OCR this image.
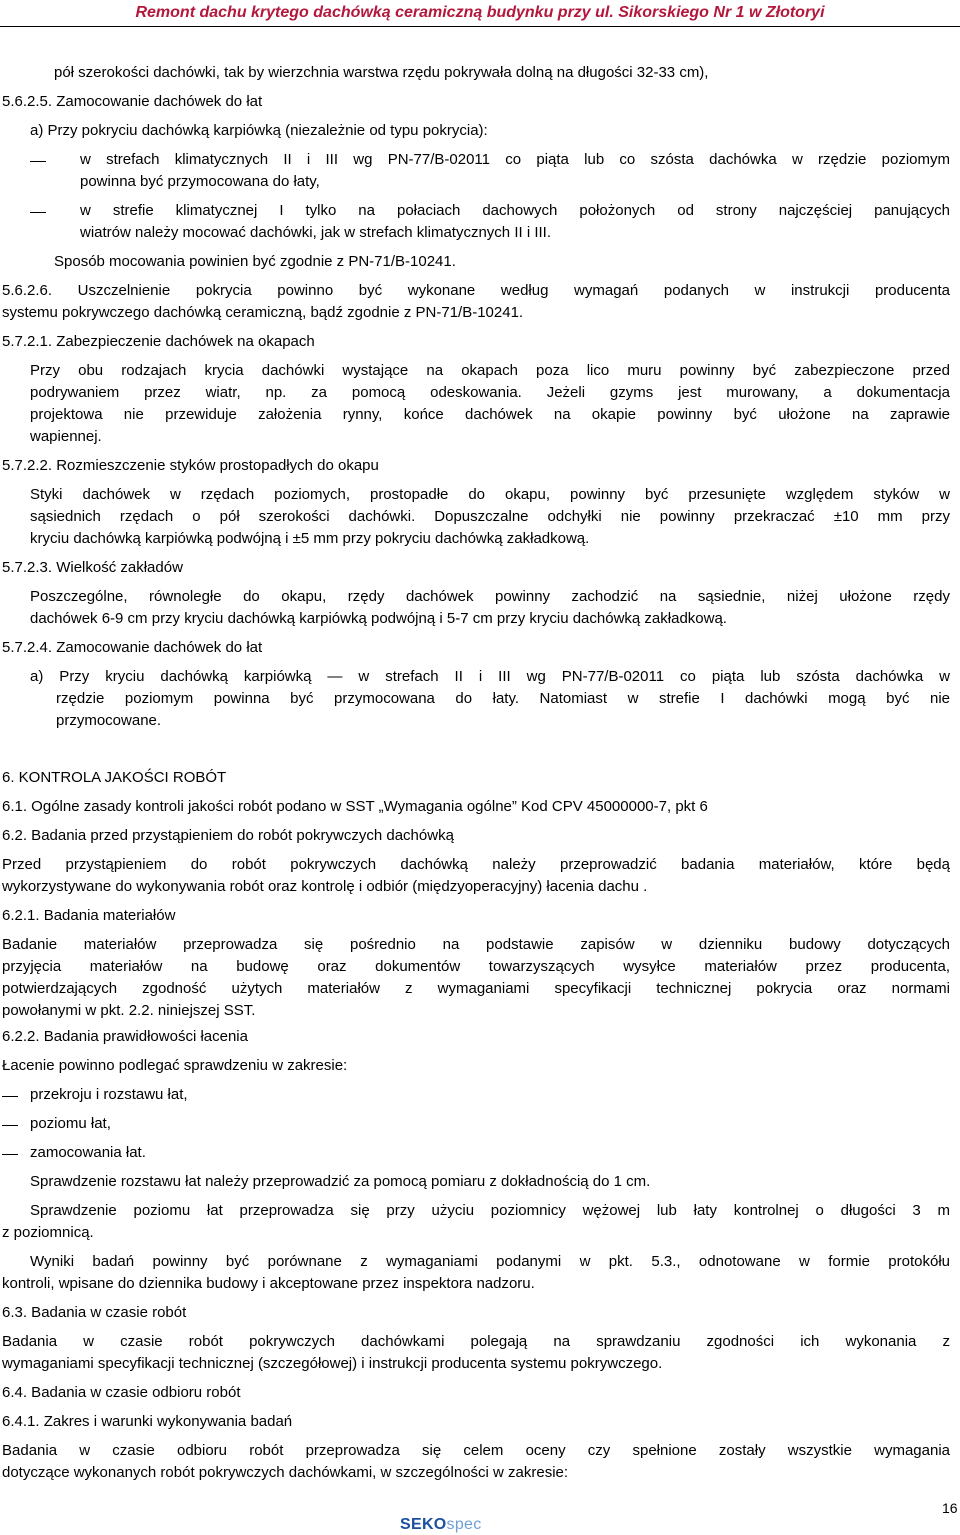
Remont dachu krytego dachówką ceramiczną budynku przy ul. Sikorskiego Nr 1 w Złotoryi
pół szerokości dachówki, tak by wierzchnia warstwa rzędu pokrywała dolną na długości 32-33 cm),
5.6.2.5. Zamocowanie dachówek do łat
a) Przy pokryciu dachówką karpiówką (niezależnie od typu pokrycia):
w strefach klimatycznych II i III wg PN-77/B-02011 co piąta lub co szósta dachówka w rzędzie poziomym
powinna być przymocowana do łaty,
w strefie klimatycznej I tylko na połaciach dachowych położonych od strony najczęściej panujących
wiatrów należy mocować dachówki, jak w strefach klimatycznych II i III.
Sposób mocowania powinien być zgodnie z PN-71/B-10241.
5.6.2.6. Uszczelnienie pokrycia powinno być wykonane według wymagań podanych w instrukcji producenta
systemu pokrywczego dachówką ceramiczną, bądź zgodnie z PN-71/B-10241.
5.7.2.1. Zabezpieczenie dachówek na okapach
Przy obu rodzajach krycia dachówki wystające na okapach poza lico muru powinny być zabezpieczone przed
podrywaniem przez wiatr, np. za pomocą odeskowania. Jeżeli gzyms jest murowany, a dokumentacja
projektowa nie przewiduje założenia rynny, końce dachówek na okapie powinny być ułożone na zaprawie
wapiennej.
5.7.2.2. Rozmieszczenie styków prostopadłych do okapu
Styki dachówek w rzędach poziomych, prostopadłe do okapu, powinny być przesunięte względem styków w
sąsiednich rzędach o pół szerokości dachówki. Dopuszczalne odchyłki nie powinny przekraczać ±10 mm przy
kryciu dachówką karpiówką podwójną i ±5 mm przy pokryciu dachówką zakładkową.
5.7.2.3. Wielkość zakładów
Poszczególne, równoległe do okapu, rzędy dachówek powinny zachodzić na sąsiednie, niżej ułożone rzędy
dachówek 6-9 cm przy kryciu dachówką karpiówką podwójną i 5-7 cm przy kryciu dachówką zakładkową.
5.7.2.4. Zamocowanie dachówek do łat
a) Przy kryciu dachówką karpiówką — w strefach II i III wg PN-77/B-02011 co piąta lub szósta dachówka w
rzędzie poziomym powinna być przymocowana do łaty. Natomiast w strefie I dachówki mogą być nie
przymocowane.
6. KONTROLA JAKOŚCI ROBÓT
6.1. Ogólne zasady kontroli jakości robót podano w SST „Wymagania ogólne” Kod CPV 45000000-7, pkt 6
6.2. Badania przed przystąpieniem do robót pokrywczych dachówką
Przed przystąpieniem do robót pokrywczych dachówką należy przeprowadzić badania materiałów, które będą
wykorzystywane do wykonywania robót oraz kontrolę i odbiór (międzyoperacyjny) łacenia dachu .
6.2.1. Badania materiałów
Badanie materiałów przeprowadza się pośrednio na podstawie zapisów w dzienniku budowy dotyczących
przyjęcia materiałów na budowę oraz dokumentów towarzyszących wysyłce materiałów przez producenta,
potwierdzających zgodność użytych materiałów z wymaganiami specyfikacji technicznej pokrycia oraz normami
powołanymi w pkt. 2.2. niniejszej SST.
6.2.2. Badania prawidłowości łacenia
Łacenie powinno podlegać sprawdzeniu w zakresie:
przekroju i rozstawu łat,
poziomu łat,
zamocowania łat.
Sprawdzenie rozstawu łat należy przeprowadzić za pomocą pomiaru z dokładnością do 1 cm.
Sprawdzenie poziomu łat przeprowadza się przy użyciu poziomnicy wężowej lub łaty kontrolnej o długości 3 m
z poziomnicą.
Wyniki badań powinny być porównane z wymaganiami podanymi w pkt. 5.3., odnotowane w formie protokółu
kontroli, wpisane do dziennika budowy i akceptowane przez inspektora nadzoru.
6.3. Badania w czasie robót
Badania w czasie robót pokrywczych dachówkami polegają na sprawdzaniu zgodności ich wykonania z
wymaganiami specyfikacji technicznej (szczegółowej) i instrukcji producenta systemu pokrywczego.
6.4. Badania w czasie odbioru robót
6.4.1. Zakres i warunki wykonywania badań
Badania w czasie odbioru robót przeprowadza się celem oceny czy spełnione zostały wszystkie wymagania
dotyczące wykonanych robót pokrywczych dachówkami, w szczególności w zakresie:
16
SEKOspec
